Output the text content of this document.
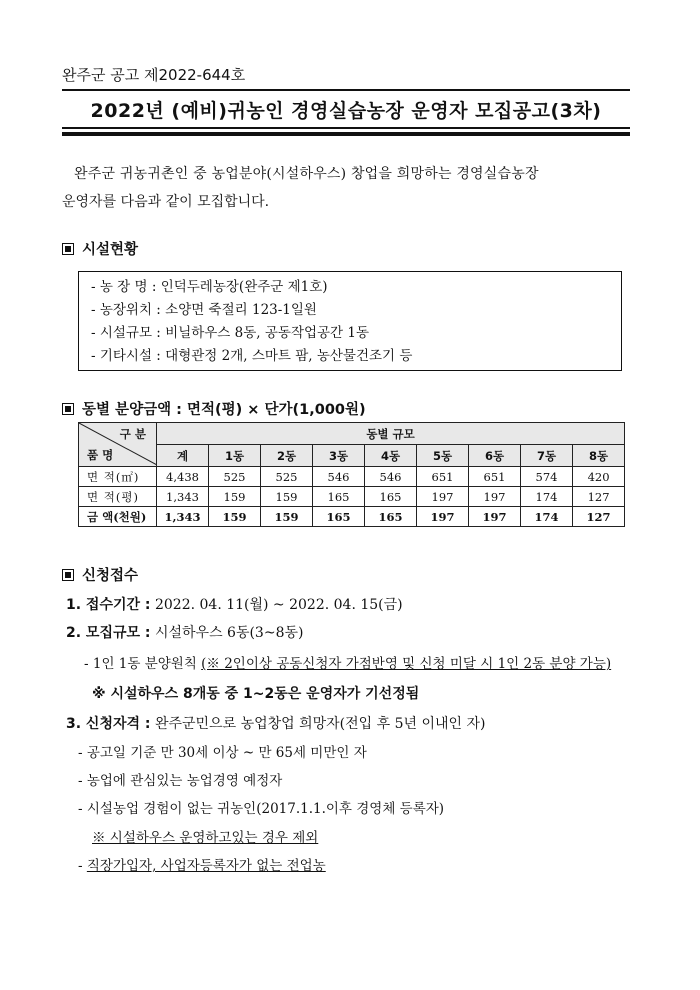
완주군 공고 제2022-644호
2022년 (예비)귀농인 경영실습농장 운영자 모집공고(3차)
완주군 귀농귀촌인 중 농업분야(시설하우스) 창업을 희망하는 경영실습농장
운영자를 다음과 같이 모집합니다.
시설현황
- 농 장 명 : 인덕두레농장(완주군 제1호)
- 농장위치 : 소양면 죽절리 123-1일원
- 시설규모 : 비닐하우스 8동, 공동작업공간 1동
- 기타시설 : 대형관정 2개, 스마트 팜, 농산물건조기 등
동별 분양금액 : 면적(평) × 단가(1,000원)
구 분
품 명	동별 규모								
	계	1동	2동	3동	4동	5동	6동	7동	8동
면 적(㎡)	4,438	525	525	546	546	651	651	574	420
면 적(평)	1,343	159	159	165	165	197	197	174	127
금 액(천원)	1,343	159	159	165	165	197	197	174	127
신청접수
1. 접수기간 : 2022. 04. 11(월) ~ 2022. 04. 15(금)
2. 모집규모 : 시설하우스 6동(3~8동)
- 1인 1동 분양원칙 (※ 2인이상 공동신청자 가점반영 및 신청 미달 시 1인 2동 분양 가능)
※ 시설하우스 8개동 중 1~2동은 운영자가 기선정됨
3. 신청자격 : 완주군민으로 농업창업 희망자(전입 후 5년 이내인 자)
- 공고일 기준 만 30세 이상 ~ 만 65세 미만인 자
- 농업에 관심있는 농업경영 예정자
- 시설농업 경험이 없는 귀농인(2017.1.1.이후 경영체 등록자)
※ 시설하우스 운영하고있는 경우 제외
- 직장가입자, 사업자등록자가 없는 전업농
